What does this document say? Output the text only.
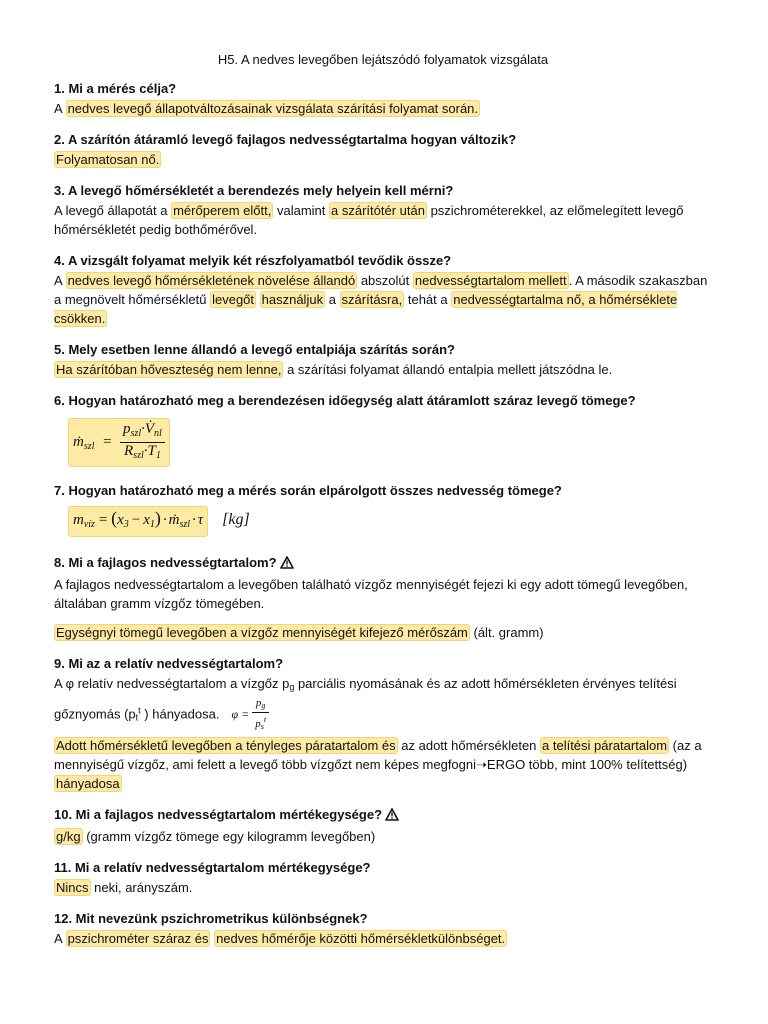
H5. A nedves levegőben lejátszódó folyamatok vizsgálata
1. Mi a mérés célja?
A nedves levegő állapotváltozásainak vizsgálata szárítási folyamat során.
2. A szárítón átáramló levegő fajlagos nedvességtartalma hogyan változik?
Folyamatosan nő.
3. A levegő hőmérsékletét a berendezés mely helyein kell mérni?
A levegő állapotát a mérőperem előtt, valamint a szárítótér után pszichrométerekkel, az előmelegített levegő hőmérsékletét pedig bothőmérővel.
4. A vizsgált folyamat melyik két részfolyamatból tevődik össze?
A nedves levegő hőmérsékletének növelése állandó abszolút nedvességtartalom mellett . A második szakaszban a megnövelt hőmérsékletű levegőt használjuk a szárításra, tehát a nedvességtartalma nő, a hőmérséklete csökken.
5. Mely esetben lenne állandó a levegő entalpiája szárítás során?
Ha szárítóban hőveszteség nem lenne, a szárítási folyamat állandó entalpia mellett játszódna le.
6. Hogyan határozható meg a berendezésen időegység alatt átáramlott száraz levegő tömege?
ṁ$_{szl}$ = $\frac{p_{szl}\cdot V̇_{nl}}{R_{szl}\cdot T_1}$
7. Hogyan határozható meg a mérés során elpárolgott összes nedvesség tömege?
$m_{víz} = (x_3 - x_1)$ · ṁ$_{szl}$ · τ [kg]
8. Mi a fajlagos nedvességtartalom?
A fajlagos nedvességtartalom a levegőben található vízgőz mennyiségét fejezi ki egy adott tömegű levegőben, általában gramm vízgőz tömegében.
Egységnyi tömegű levegőben a vízgőz mennyiségét kifejező mérőszám (ált. gramm)
9. Mi az a relatív nedvességtartalom?
A φ relatív nedvességtartalom a vízgőz pg parciális nyomásának és az adott hőmérsékleten érvényes telítési gőznyomás ($pt^t$ ) hányadosa. $\varphi = \frac{pg}{ps^t}$
Adott hőmérsékletű levegőben a tényleges páratartalom és az adott hőmérsékleten a telítési páratartalom (az a mennyiségű vízgőz, ami felett a levegő több vízgőzt nem képes megfogni➝ERGO több, mint 100% telítettség) hányadosa
10. Mi a fajlagos nedvességtartalom mértékegysége?
g/kg (gramm vízgőz tömege egy kilogramm levegőben)
11. Mi a relatív nedvességtartalom mértékegysége?
Nincs neki, arányszám.
12. Mit nevezünk pszichrometrikus különbségnek?
A pszichrométer száraz és nedves hőmérője közötti hőmérsékletkülönbséget.
